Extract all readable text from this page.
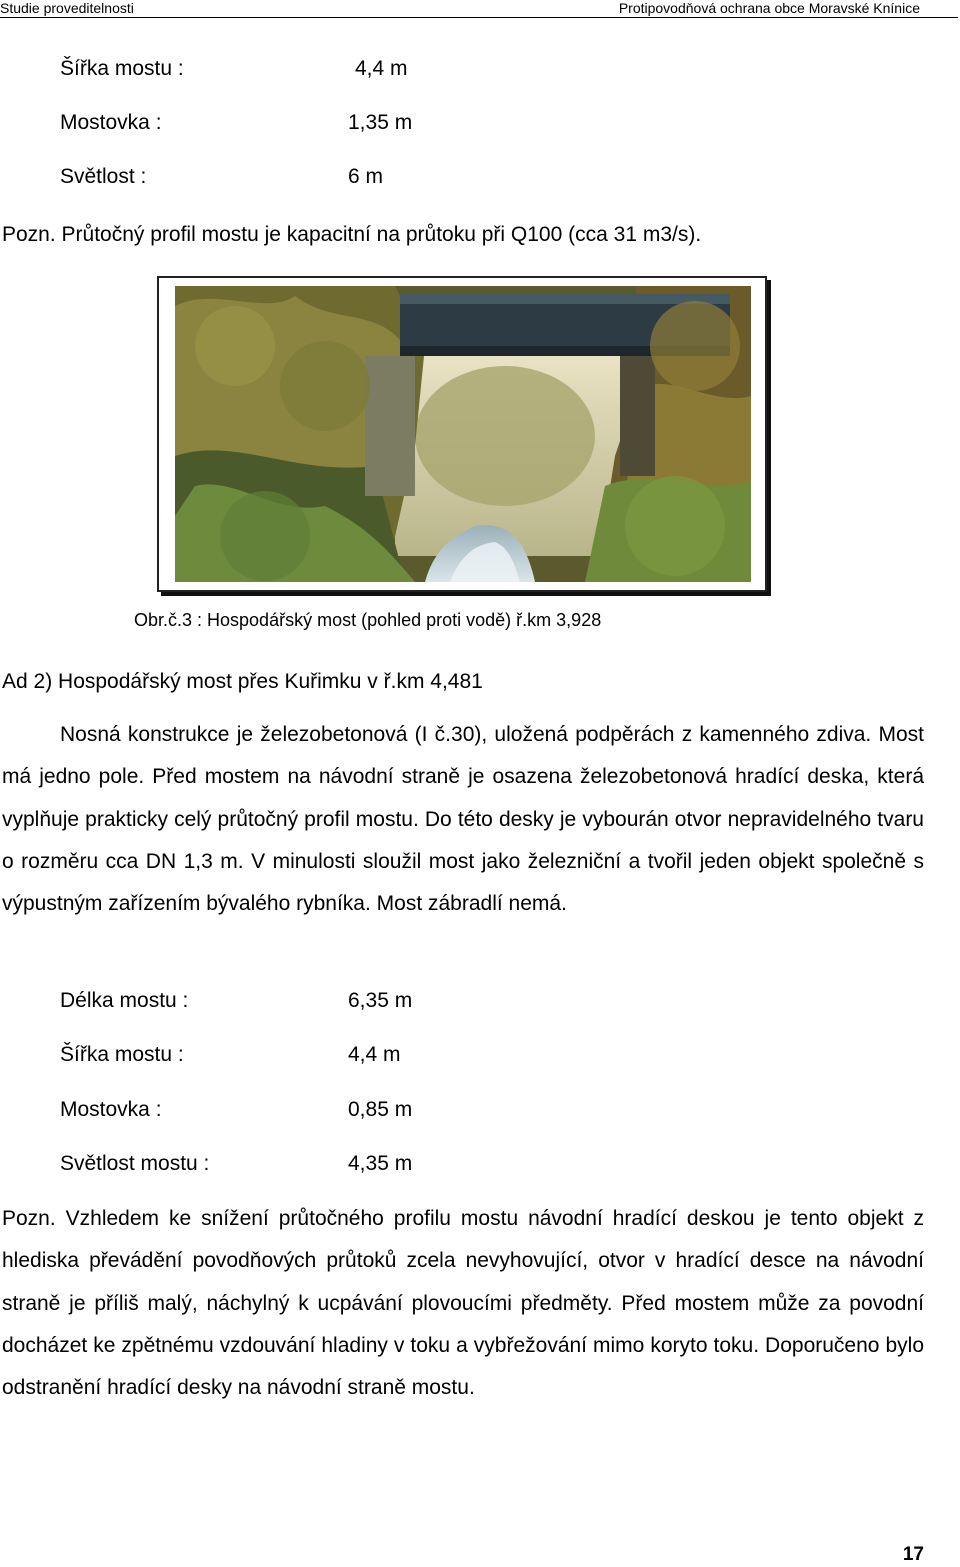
Studie proveditelnosti	Protipovodňová ochrana obce Moravské Knínice
Šířka mostu :	4,4 m
Mostovka :	1,35 m
Světlost :	6 m
Pozn. Průtočný profil mostu je kapacitní na průtoku při Q100 (cca 31 m3/s).
Obr.č.3 : Hospodářský most (pohled proti vodě) ř.km 3,928
Ad 2) Hospodářský most přes Kuřimku v ř.km 4,481
Nosná konstrukce je železobetonová (I č.30), uložená podpěrách z kamenného zdiva. Most má jedno pole. Před mostem na návodní straně je osazena železobetonová hradící deska, která vyplňuje prakticky celý průtočný profil mostu. Do této desky je vybourán otvor nepravidelného tvaru o rozměru cca DN 1,3 m. V minulosti sloužil most jako železniční a tvořil jeden objekt společně s výpustným zařízením bývalého rybníka. Most zábradlí nemá.
Délka mostu :	6,35 m
Šířka mostu :	4,4 m
Mostovka :	0,85 m
Světlost mostu :	4,35 m
Pozn. Vzhledem ke snížení průtočného profilu mostu návodní hradící deskou je tento objekt z hlediska převádění povodňových průtoků zcela nevyhovující, otvor v hradící desce na návodní straně je příliš malý, náchylný k ucpávání plovoucími předměty. Před mostem může za povodní docházet ke zpětnému vzdouvání hladiny v toku a vybřežování mimo koryto toku. Doporučeno bylo odstranění hradící desky na návodní straně mostu.
17
